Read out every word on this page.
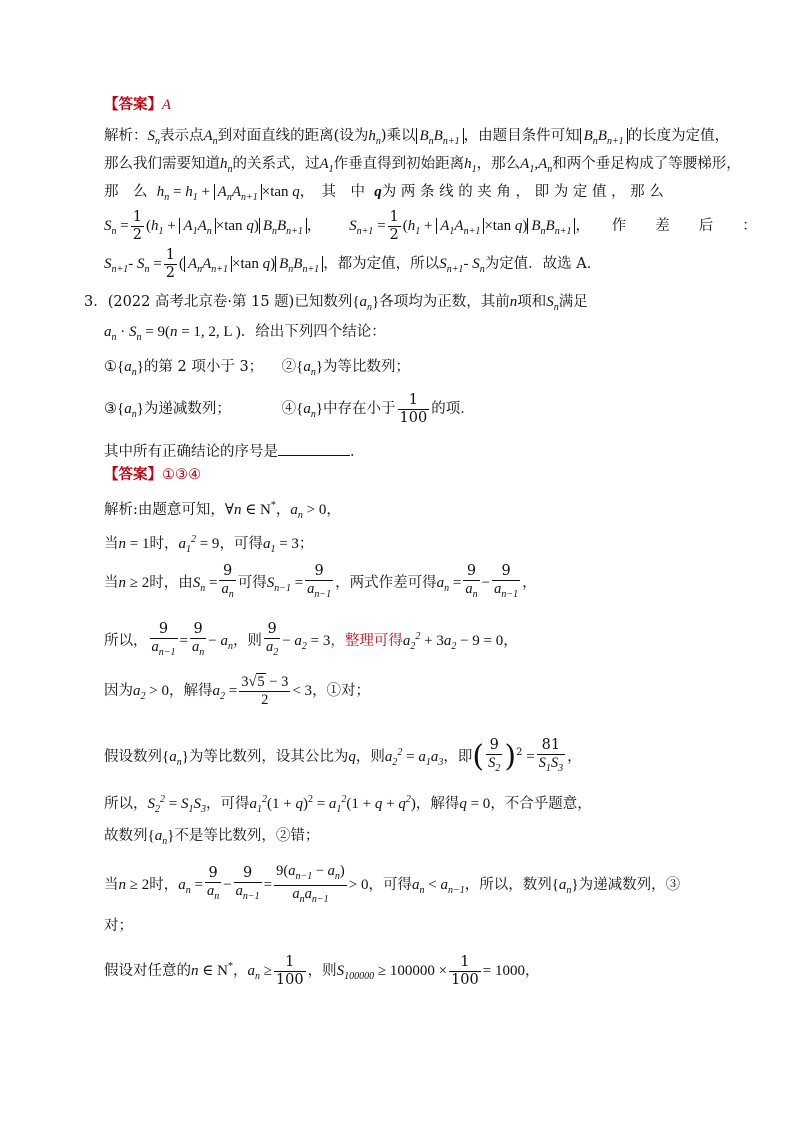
【答案】A
解析：$S_n$表示点$A_n$到对面直线的距离(设为$h_n$)乘以 $B_nB_{n+1}$ ，由题目条件可知 $B_nB_{n+1}$ 的长度为定值，
那么我们需要知道$h_n$的关系式，过$A_1$作垂直得到初始距离$h_1$，那么$A_1,A_n$和两个垂足构成了等腰梯形，
那　么 $h_n = h_1 + A_nA_{n+1} \times\tan$ q，　其　中 q为 两 条 线 的 夹 角 ， 即 为 定 值 ， 那 么
$S_n = \frac{1}{2} (h_1 + A_1A_n \times\tan$ q) $B_nB_{n+1}$ ， $S_{n+1} = \frac{1}{2} (h_1 + A_1A_{n+1} \times\tan$ q) $B_nB_{n+1}$ ，　　作　　差　　后　　：
$S_{n+1}-$ $S_n = \frac{1}{2}$ ( $A_nA_{n+1} \times\tan$ q) $B_nB_{n+1}$ ，都为定值，所以$S_{n+1}-$ $S_n$为定值．故选 A．
3．(2022 高考北京卷·第 15 题)已知数列$\{a_n\}$各项均为正数，其前n项和$S_n$满足
$a_n \cdot S_n = 9(n = 1$, 2, L )．给出下列四个结论：
$①\{a_n\}$的第 2 项小于 3； $②\{a_n\}$为等比数列；
$③\{a_n\}$为递减数列；	$④\{a_n\}$中存在小于 $\frac{1}{100}$ 的项．
其中所有正确结论的序号是	．
【答案】①③④
解析:由题意可知，∀n ∈ N*，$a_n > 0$，
当n = 1时，$a_1^2 = 9$，可得$a_1 = 3$；
当n ≥ 2时，由$S_n = \frac{9}{a_n}$ 可得$S_{n-1} = \frac{9}{a_{n-1}}$ ，两式作差可得$a_n = \frac{9}{a_n} - \frac{9}{a_{n-1}}$ ，
所以， $\frac{9}{a_{n-1}} = \frac{9}{a_n} - a_n$，则 $\frac{9}{a_2} - a_2 = 3$，整理可得$a_2^2 + 3a_2 - 9 = 0$，
因为$a_2 > 0$，解得$a_2 = \frac{3√5 - 3}{2} < 3$，①对；
假设数列$\{a_n\}$为等比数列，设其公比为q，则$a_2^2 = a_1a_3$，即( $\frac{9}{S_2} )^2 = \frac{81}{S_1S_3}$ ，
所以，$S_2^2 = S_1S_3$，可得$a_1^2(1 + q)^2 = a_1^2(1 + q + q^2)$，解得q = 0，不合乎题意，
故数列$\{a_n\}$不是等比数列，②错；
当n ≥ 2时，$a_n = \frac{9}{a_n} - \frac{9}{a_{n-1}} = \frac{9(a_{n-1} - a_n)}{a_na_{n-1}} > 0$，可得$a_n < a_{n-1}$，所以，数列$\{a_n\}$为递减数列，③
对；
假设对任意的n ∈ N*，$a_n \ge \frac{1}{100}$ ，则$S_{100000} \ge 100000 \times \frac{1}{100} = 1000$，
